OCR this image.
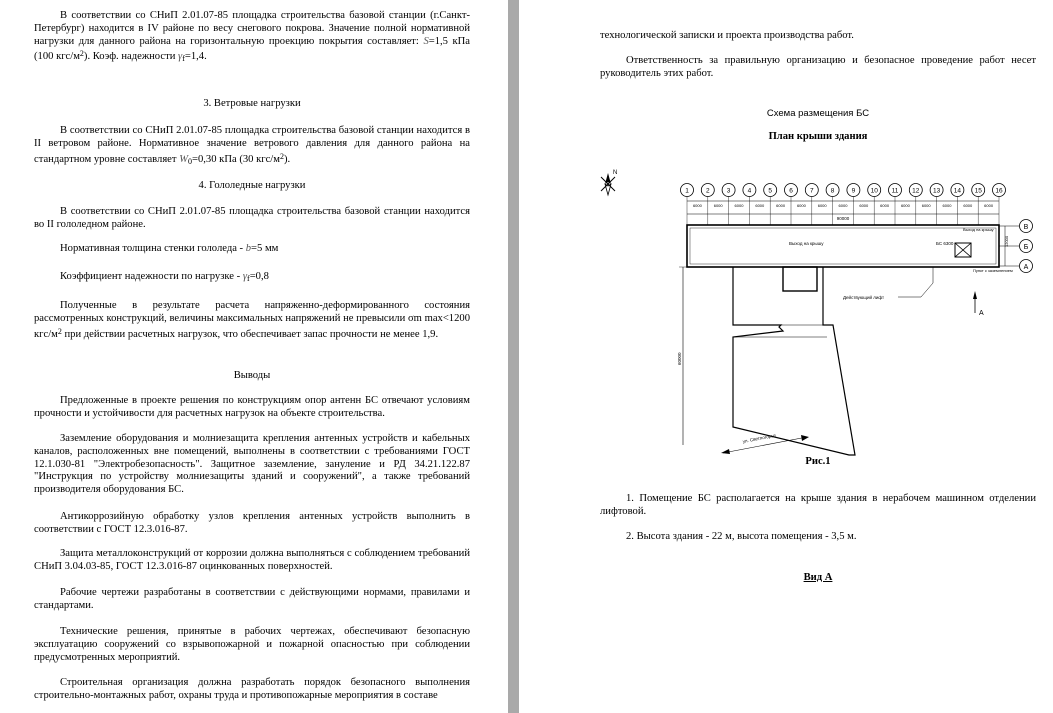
В соответствии со СНиП 2.01.07-85 площадка строительства базовой станции (г.Санкт-Петербург) находится в IV районе по весу снегового покрова. Значение полной нормативной нагрузки для данного района на горизонтальную проекцию покрытия составляет: S=1,5 кПа (100 кгс/$м^2$). Коэф. надежности $\gamma_f=1,4$.

3. Ветровые нагрузки

В соответствии со СНиП 2.01.07-85 площадка строительства базовой станции находится в II ветровом районе. Нормативное значение ветрового давления для данного района на стандартном уровне составляет $W_0=0,30$ кПа (30 кгс/$м^2$).

4. Гололедные нагрузки

В соответствии со СНиП 2.01.07-85 площадка строительства базовой станции находится во II гололедном районе.

Нормативная толщина стенки гололеда - b=5 мм

Коэффициент надежности по нагрузке - $\gamma_f=0,8$

Полученные в результате расчета напряженно-деформированного состояния рассмотренных конструкций, величины максимальных напряжений не превысили σm max<1200 кгс/$м^2$ при действии расчетных нагрузок, что обеспечивает запас прочности не менее 1,9.

Выводы

Предложенные в проекте решения по конструкциям опор антенн БС отвечают условиям прочности и устойчивости для расчетных нагрузок на объекте строительства.

Заземление оборудования и молниезащита крепления антенных устройств и кабельных каналов, расположенных вне помещений, выполнены в соответствии с требованиями ГОСТ 12.1.030-81 "Электробезопасность". Защитное заземление, зануление и РД 34.21.122.87 "Инструкция по устройству молниезащиты зданий и сооружений", а также требований производителя оборудования БС.

Антикоррозийную обработку узлов крепления антенных устройств выполнить в соответствии с ГОСТ 12.3.016-87.

Защита металлоконструкций от коррозии должна выполняться с соблюдением требований СНиП 3.04.03-85, ГОСТ 12.3.016-87 оцинкованных поверхностей.

Рабочие чертежи разработаны в соответствии с действующими нормами, правилами и стандартами.

Технические решения, принятые в рабочих чертежах, обеспечивают безопасную эксплуатацию сооружений со взрывопожарной и пожарной опасностью при соблюдении предусмотренных мероприятий.

Строительная организация должна разработать порядок безопасного выполнения строительно-монтажных работ, охраны труда и противопожарные мероприятия в составе

технологической записки и проекта производства работ.

Ответственность за правильную организацию и безопасное проведение работ несет руководитель этих работ.

Схема размещения БС

План крыши здания

N
1	2	3	4	5	6	7	8	9 10 11 12 13 14 15 16
6000	6000	6000	6000	6000	6000	6000	6000	6000	6000	6000	6000	6000	6000	6000
90000
В
Б
А
12000
БС 6300
Выход на крышу
Пункт с заземлением
Выход на крышу
Действующий лифт
А
60000
ул. Светлогорье

Рис.1

1. Помещение БС располагается на крыше здания в нерабочем машинном отделении лифтовой.

2. Высота здания - 22 м, высота помещения - 3,5 м.

Вид А
